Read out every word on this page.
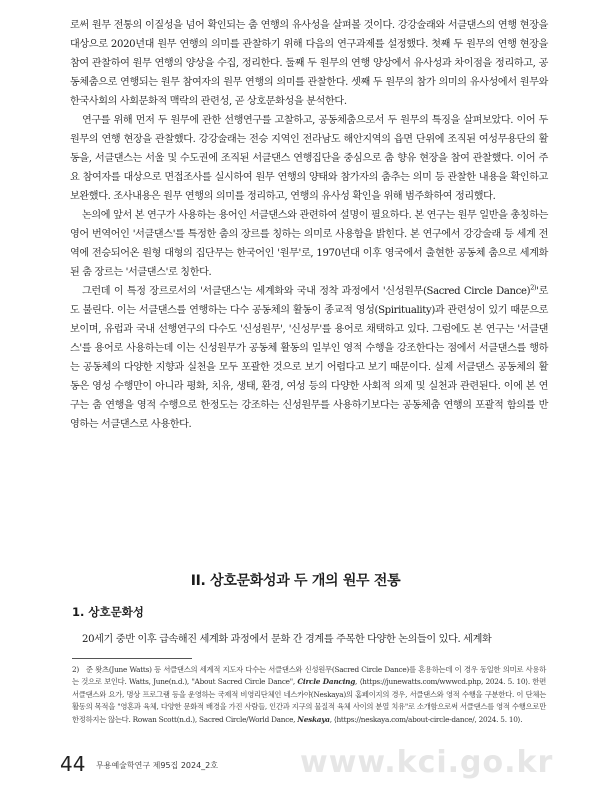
로써 원무 전통의 이질성을 넘어 확인되는 춤 연행의 유사성을 살펴볼 것이다. 강강술래와 서클댄스의 연행 현장을 대상으로 2020년대 원무 연행의 의미를 관찰하기 위해 다음의 연구과제를 설정했다. 첫째 두 원무의 연행 현장을 참여 관찰하여 원무 연행의 양상을 수집, 정리한다. 둘째 두 원무의 연행 양상에서 유사성과 차이점을 정리하고, 공동체춤으로 연행되는 원무 참여자의 원무 연행의 의미를 관찰한다. 셋째 두 원무의 참가 의미의 유사성에서 원무와 한국사회의 사회문화적 맥락의 관련성, 곧 상호문화성을 분석한다.

연구를 위해 먼저 두 원무에 관한 선행연구를 고찰하고, 공동체춤으로서 두 원무의 특징을 살펴보았다. 이어 두 원무의 연행 현장을 관찰했다. 강강술래는 전승 지역인 전라남도 해안지역의 읍면 단위에 조직된 여성무용단의 활동을, 서클댄스는 서울 및 수도권에 조직된 서클댄스 연행집단을 중심으로 춤 향유 현장을 참여 관찰했다. 이어 주요 참여자를 대상으로 면접조사를 실시하여 원무 연행의 양태와 참가자의 춤추는 의미 등 관찰한 내용을 확인하고 보완했다. 조사내용은 원무 연행의 의미를 정리하고, 연행의 유사성 확인을 위해 범주화하여 정리했다.

논의에 앞서 본 연구가 사용하는 용어인 서클댄스와 관련하여 설명이 필요하다. 본 연구는 원무 일반을 총칭하는 영어 번역어인 '서클댄스'를 특정한 춤의 장르를 칭하는 의미로 사용함을 밝힌다. 본 연구에서 강강술래 등 세계 전역에 전승되어온 원형 대형의 집단무는 한국어인 '원무'로, 1970년대 이후 영국에서 출현한 공동체 춤으로 세계화된 춤 장르는 '서클댄스'로 칭한다.

그런데 이 특정 장르로서의 '서클댄스'는 세계화와 국내 정착 과정에서 '신성원무(Sacred Circle Dance)$^{2)}$'로도 불린다. 이는 서클댄스를 연행하는 다수 공동체의 활동이 종교적 영성(Spirituality)과 관련성이 있기 때문으로 보이며, 유럽과 국내 선행연구의 다수도 '신성원무', '신성무'를 용어로 채택하고 있다. 그럼에도 본 연구는 '서클댄스'를 용어로 사용하는데 이는 신성원무가 공동체 활동의 일부인 영적 수행을 강조한다는 점에서 서클댄스를 행하는 공동체의 다양한 지향과 실천을 모두 포괄한 것으로 보기 어렵다고 보기 때문이다. 실제 서클댄스 공동체의 활동은 영성 수행만이 아니라 평화, 치유, 생태, 환경, 여성 등의 다양한 사회적 의제 및 실천과 관련된다. 이에 본 연구는 춤 연행을 영적 수행으로 한정도는 강조하는 신성원무를 사용하기보다는 공동체춤 연행의 포괄적 함의를 반영하는 서클댄스로 사용한다.

II. 상호문화성과 두 개의 원무 전통
1. 상호문화성
20세기 중반 이후 급속해진 세계화 과정에서 문화 간 경계를 주목한 다양한 논의들이 있다. 세계화
2) 준 왓츠(June Watts) 등 서클댄스의 세계적 지도자 다수는 서클댄스와 신성원무(Sacred Circle Dance)를 혼용하는데 이 경우 동일한 의미로 사용하는 것으로 보인다. Watts, June(n.d.), "About Sacred Circle Dance", Circle Dancing, ⟨https://junewatts.com/wwwcd.php, 2024. 5. 10⟩. 한편 서클댄스와 요가, 명상 프로그램 등을 운영하는 국제적 비영리단체인 네스카야(Neskaya)의 홈페이지의 경우, 서클댄스와 영적 수행을 구분한다. 이 단체는 활동의 목적을 "영혼과 육체, 다양한 문화적 배경을 가진 사람들, 인간과 지구의 물질적 육체 사이의 분열 치유"로 소개함으로써 서클댄스를 영적 수행으로만 한정하지는 않는다. Rowan Scott(n.d.), Sacred Circle/World Dance, Neskaya, ⟨https://neskaya.com/about-circle-dance/, 2024. 5. 10⟩.
www.kci.go.kr
44 무용예술학연구 제95집 2024_2호
